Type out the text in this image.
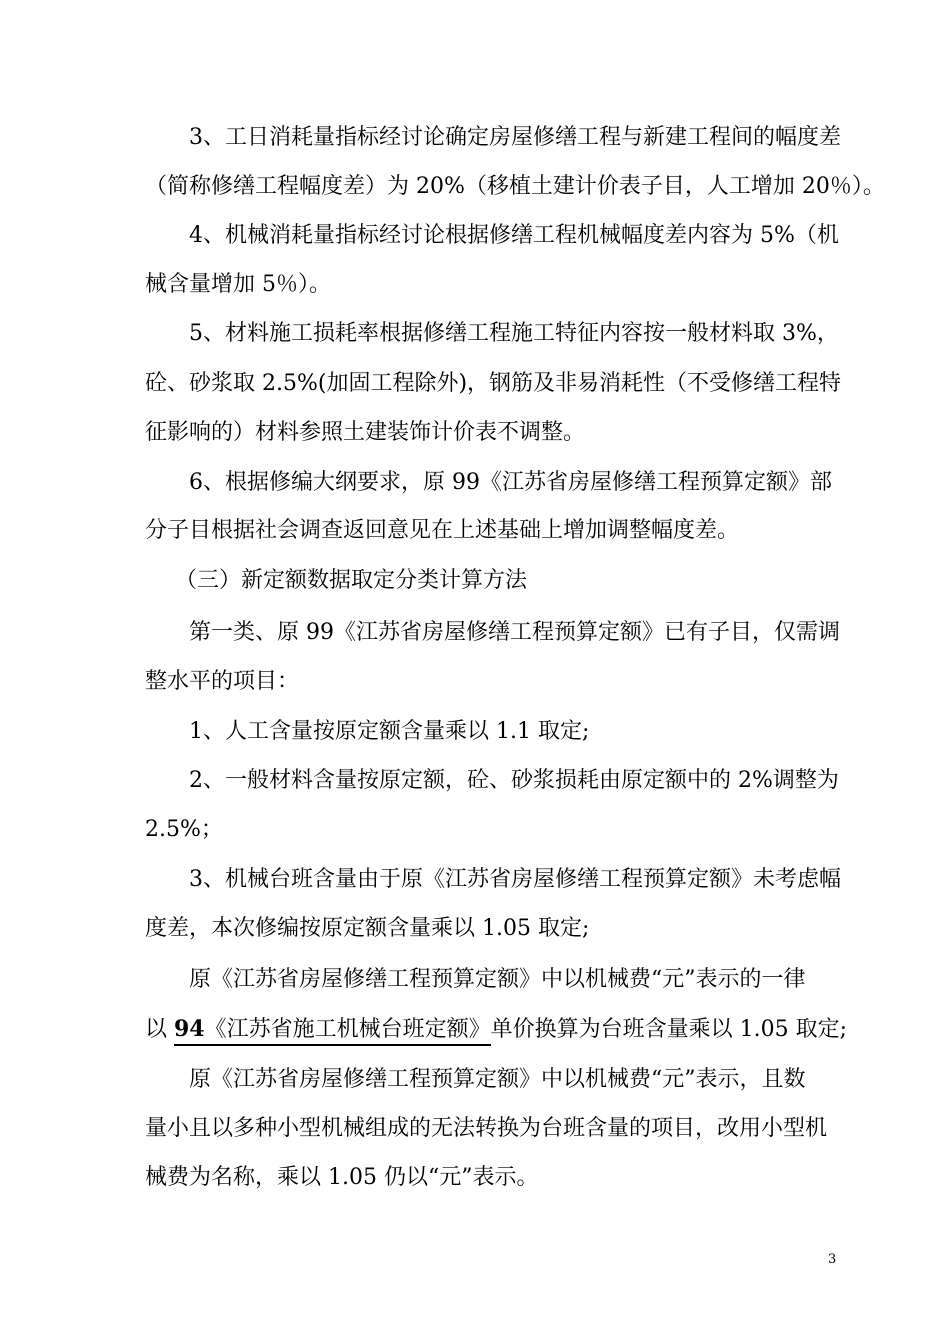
3、工日消耗量指标经讨论确定房屋修缮工程与新建工程间的幅度差
（简称修缮工程幅度差）为 20%（移植土建计价表子目，人工增加 20％）。
4、机械消耗量指标经讨论根据修缮工程机械幅度差内容为 5%（机
械含量增加 5％）。
5、材料施工损耗率根据修缮工程施工特征内容按一般材料取 3%，
砼、砂浆取 2.5%(加固工程除外)，钢筋及非易消耗性（不受修缮工程特
征影响的）材料参照土建装饰计价表不调整。
6、根据修编大纲要求，原 99《江苏省房屋修缮工程预算定额》部
分子目根据社会调查返回意见在上述基础上增加调整幅度差。
（三）新定额数据取定分类计算方法
第一类、原 99《江苏省房屋修缮工程预算定额》已有子目，仅需调
整水平的项目：
1、人工含量按原定额含量乘以 1.1 取定;
2、一般材料含量按原定额，砼、砂浆损耗由原定额中的 2%调整为
2.5%；
3、机械台班含量由于原《江苏省房屋修缮工程预算定额》未考虑幅
度差，本次修编按原定额含量乘以 1.05 取定;
原《江苏省房屋修缮工程预算定额》中以机械费“元”表示的一律
以 94《江苏省施工机械台班定额》单价换算为台班含量乘以 1.05 取定;
原《江苏省房屋修缮工程预算定额》中以机械费“元”表示，且数
量小且以多种小型机械组成的无法转换为台班含量的项目，改用小型机
械费为名称，乘以 1.05 仍以“元”表示。
3
